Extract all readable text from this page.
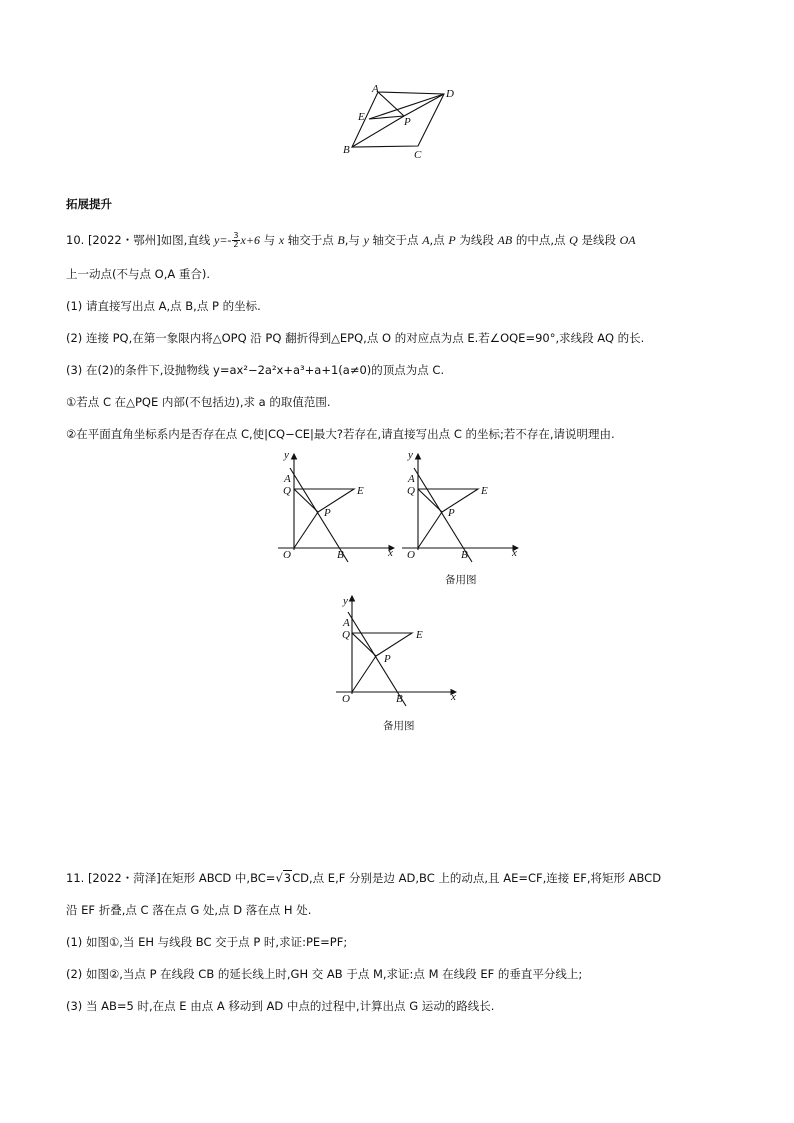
A	D
E	P
B	C
拓展提升
10. [2022・鄂州]如图,直线 $y=- \frac{3}{2} x+6$ 与 x 轴交于点 B,与 y 轴交于点 A,点 P 为线段 AB 的中点,点 Q 是线段 OA
上一动点(不与点 O,A 重合).
(1) 请直接写出点 A,点 B,点 P 的坐标.
(2) 连接 PQ,在第一象限内将△OPQ 沿 PQ 翻折得到△EPQ,点 O 的对应点为点 E.若∠OQE=90°,求线段 AQ 的长.
(3) 在(2)的条件下,设抛物线 y=ax²−2a²x+a³+a+1(a≠0)的顶点为点 C.
①若点 C 在△PQE 内部(不包括边),求 a 的取值范围.
②在平面直角坐标系内是否存在点 C,使|CQ−CE|最大?若存在,请直接写出点 C 的坐标;若不存在,请说明理由.
y
A
Q	E
P
O	B	x
y
A
Q	E
P
O	B	x
备用图
y
A
Q	E
P
O	B	x
备用图
11. [2022・菏泽]在矩形 ABCD 中,BC=√3CD,点 E,F 分别是边 AD,BC 上的动点,且 AE=CF,连接 EF,将矩形 ABCD
沿 EF 折叠,点 C 落在点 G 处,点 D 落在点 H 处.
(1) 如图①,当 EH 与线段 BC 交于点 P 时,求证:PE=PF;
(2) 如图②,当点 P 在线段 CB 的延长线上时,GH 交 AB 于点 M,求证:点 M 在线段 EF 的垂直平分线上;
(3) 当 AB=5 时,在点 E 由点 A 移动到 AD 中点的过程中,计算出点 G 运动的路线长.
